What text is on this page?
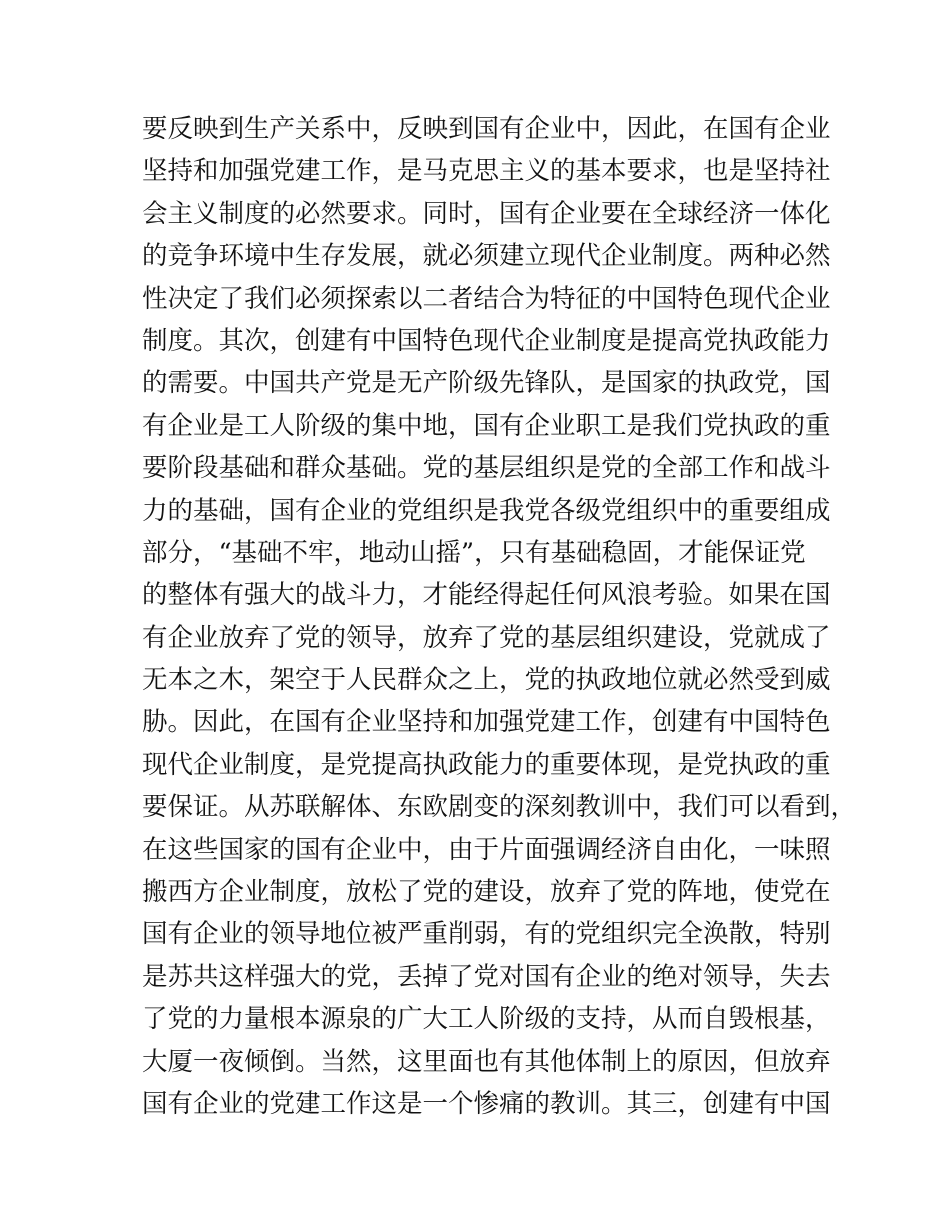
要反映到生产关系中，反映到国有企业中，因此，在国有企业
坚持和加强党建工作，是马克思主义的基本要求，也是坚持社
会主义制度的必然要求。同时，国有企业要在全球经济一体化
的竞争环境中生存发展，就必须建立现代企业制度。两种必然
性决定了我们必须探索以二者结合为特征的中国特色现代企业
制度。其次，创建有中国特色现代企业制度是提高党执政能力
的需要。中国共产党是无产阶级先锋队，是国家的执政党，国
有企业是工人阶级的集中地，国有企业职工是我们党执政的重
要阶段基础和群众基础。党的基层组织是党的全部工作和战斗
力的基础，国有企业的党组织是我党各级党组织中的重要组成
部分，“基础不牢，地动山摇”，只有基础稳固，才能保证党
的整体有强大的战斗力，才能经得起任何风浪考验。如果在国
有企业放弃了党的领导，放弃了党的基层组织建设，党就成了
无本之木，架空于人民群众之上，党的执政地位就必然受到威
胁。因此，在国有企业坚持和加强党建工作，创建有中国特色
现代企业制度，是党提高执政能力的重要体现，是党执政的重
要保证。从苏联解体、东欧剧变的深刻教训中，我们可以看到，
在这些国家的国有企业中，由于片面强调经济自由化，一味照
搬西方企业制度，放松了党的建设，放弃了党的阵地，使党在
国有企业的领导地位被严重削弱，有的党组织完全涣散，特别
是苏共这样强大的党，丢掉了党对国有企业的绝对领导，失去
了党的力量根本源泉的广大工人阶级的支持，从而自毁根基，
大厦一夜倾倒。当然，这里面也有其他体制上的原因，但放弃
国有企业的党建工作这是一个惨痛的教训。其三，创建有中国
